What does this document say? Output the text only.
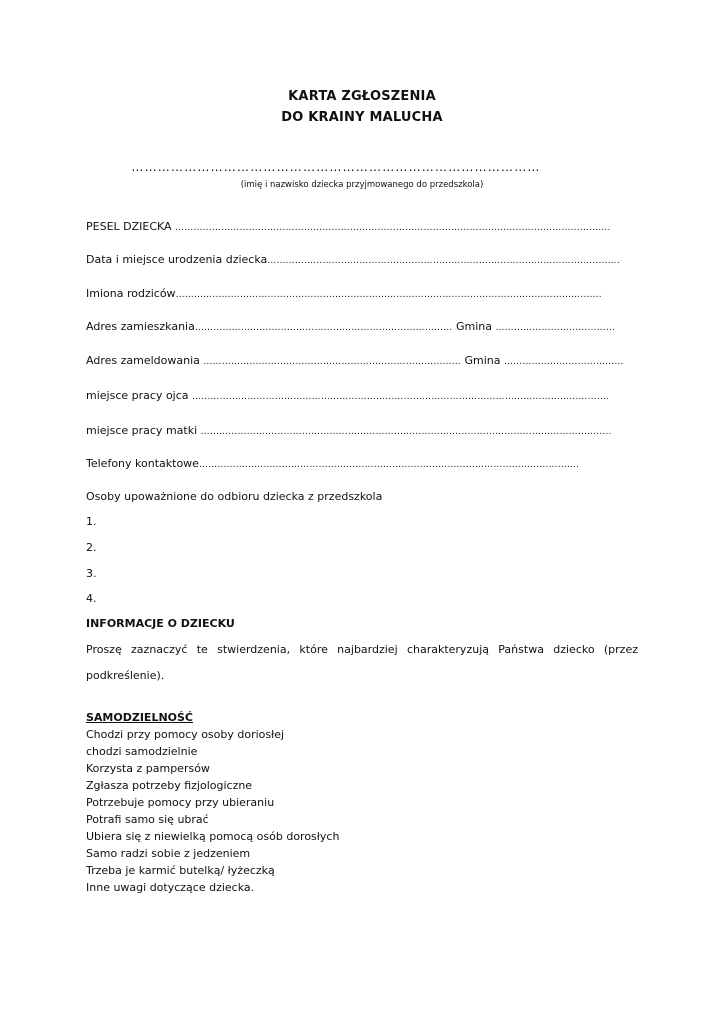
KARTA ZGŁOSZENIA
DO KRAINY MALUCHA
…………………………………………………………………………………
(imię i nazwisko dziecka przyjmowanego do przedszkola)
PESEL DZIECKA …………………………………………………………………………………………………………………………….
Data i miejsce urodzenia dziecka…………………………………………………………………………………………………….
Imiona rodziców………………………………………………………………………………………………………………………….
Adres zamieszkania………………………………………………………………………… Gmina …………………………………
Adres zameldowania ………………………………………………………………………… Gmina …………………………………
miejsce pracy ojca ……………………………………………………………………………………………………………………….
miejsce pracy matki ……………………………………………………………………………………………………………………..
Telefony kontaktowe…………………………………………………………………………………………………………….
Osoby upoważnione do odbioru dziecka z przedszkola
1.
2.
3.
4.
INFORMACJE O DZIECKU
Proszę zaznaczyć te stwierdzenia, które najbardziej charakteryzują Państwa dziecko (przez
podkreślenie).
SAMODZIELNOŚĆ
Chodzi przy pomocy osoby doriosłej
chodzi samodzielnie
Korzysta z pampersów
Zgłasza potrzeby fizjologiczne
Potrzebuje pomocy przy ubieraniu
Potrafi samo się ubrać
Ubiera się z niewielką pomocą osób dorosłych
Samo radzi sobie z jedzeniem
Trzeba je karmić butelką/ łyżeczką
Inne uwagi dotyczące dziecka.
